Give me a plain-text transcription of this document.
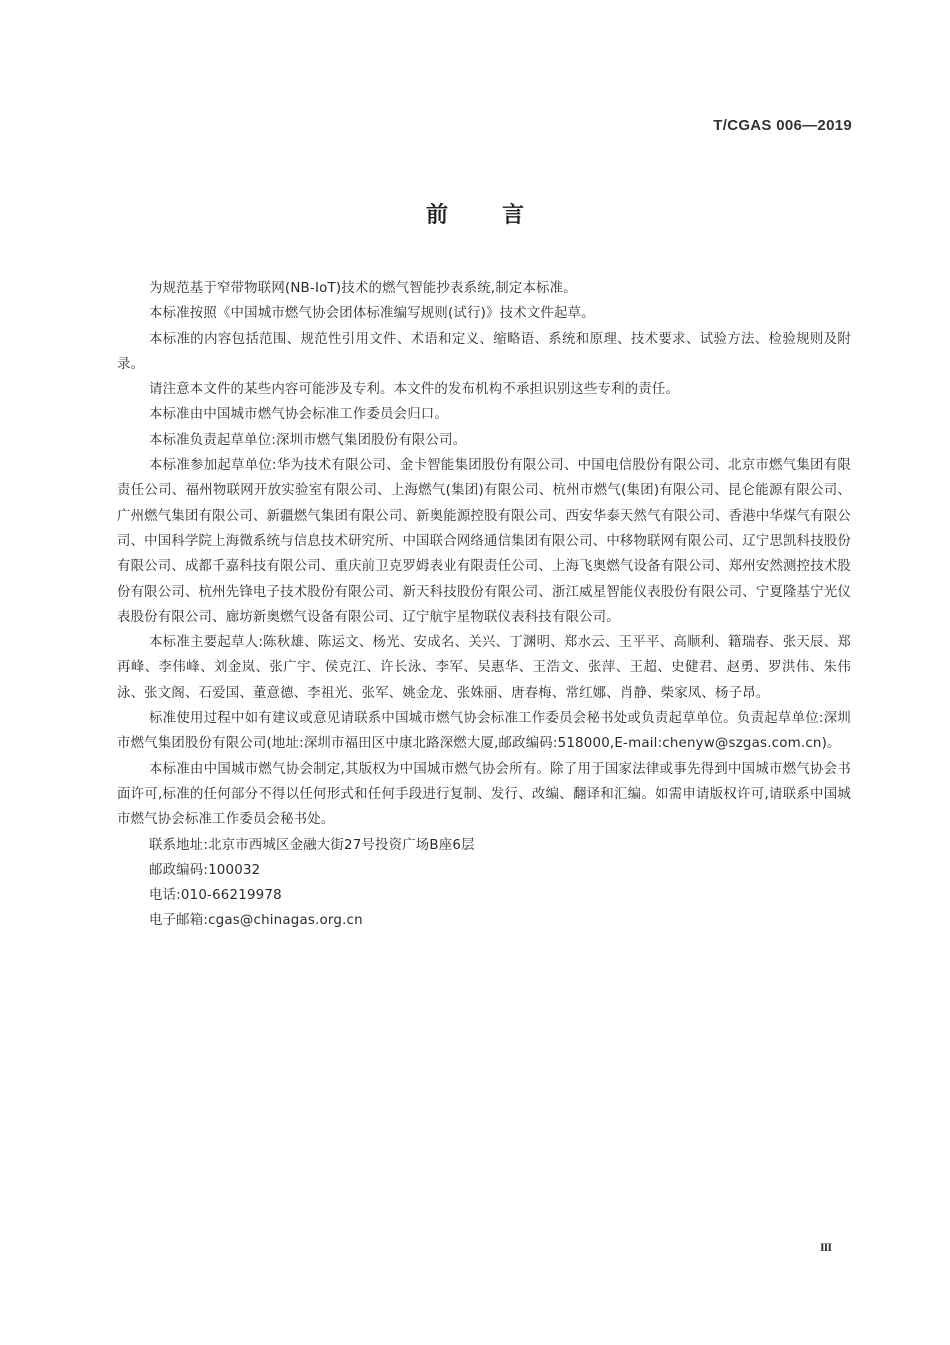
T/CGAS 006—2019
前言

为规范基于窄带物联网(NB-IoT)技术的燃气智能抄表系统,制定本标准。

本标准按照《中国城市燃气协会团体标准编写规则(试行)》技术文件起草。

本标准的内容包括范围、规范性引用文件、术语和定义、缩略语、系统和原理、技术要求、试验方法、检验规则及附录。

请注意本文件的某些内容可能涉及专利。本文件的发布机构不承担识别这些专利的责任。

本标准由中国城市燃气协会标准工作委员会归口。

本标准负责起草单位:深圳市燃气集团股份有限公司。

本标准参加起草单位:华为技术有限公司、金卡智能集团股份有限公司、中国电信股份有限公司、北京市燃气集团有限责任公司、福州物联网开放实验室有限公司、上海燃气(集团)有限公司、杭州市燃气(集团)有限公司、昆仑能源有限公司、广州燃气集团有限公司、新疆燃气集团有限公司、新奥能源控股有限公司、西安华泰天然气有限公司、香港中华煤气有限公司、中国科学院上海微系统与信息技术研究所、中国联合网络通信集团有限公司、中移物联网有限公司、辽宁思凯科技股份有限公司、成都千嘉科技有限公司、重庆前卫克罗姆表业有限责任公司、上海飞奥燃气设备有限公司、郑州安然测控技术股份有限公司、杭州先锋电子技术股份有限公司、新天科技股份有限公司、浙江威星智能仪表股份有限公司、宁夏隆基宁光仪表股份有限公司、廊坊新奥燃气设备有限公司、辽宁航宇星物联仪表科技有限公司。

本标准主要起草人:陈秋雄、陈运文、杨光、安成名、关兴、丁渊明、郑水云、王平平、高顺利、籍瑞春、张天辰、郑再峰、李伟峰、刘金岚、张广宇、侯克江、许长泳、李军、吴惠华、王浩文、张萍、王超、史健君、赵勇、罗洪伟、朱伟泳、张文阁、石爱国、董意德、李祖光、张军、姚金龙、张姝丽、唐春梅、常红娜、肖静、柴家凤、杨子昂。

标准使用过程中如有建议或意见请联系中国城市燃气协会标准工作委员会秘书处或负责起草单位。负责起草单位:深圳市燃气集团股份有限公司(地址:深圳市福田区中康北路深燃大厦,邮政编码:518000,E-mail:chenyw@szgas.com.cn)。

本标准由中国城市燃气协会制定,其版权为中国城市燃气协会所有。除了用于国家法律或事先得到中国城市燃气协会书面许可,标准的任何部分不得以任何形式和任何手段进行复制、发行、改编、翻译和汇编。如需申请版权许可,请联系中国城市燃气协会标准工作委员会秘书处。

联系地址:北京市西城区金融大街27号投资广场B座6层

邮政编码:100032

电话:010-66219978

电子邮箱:cgas@chinagas.org.cn

III
